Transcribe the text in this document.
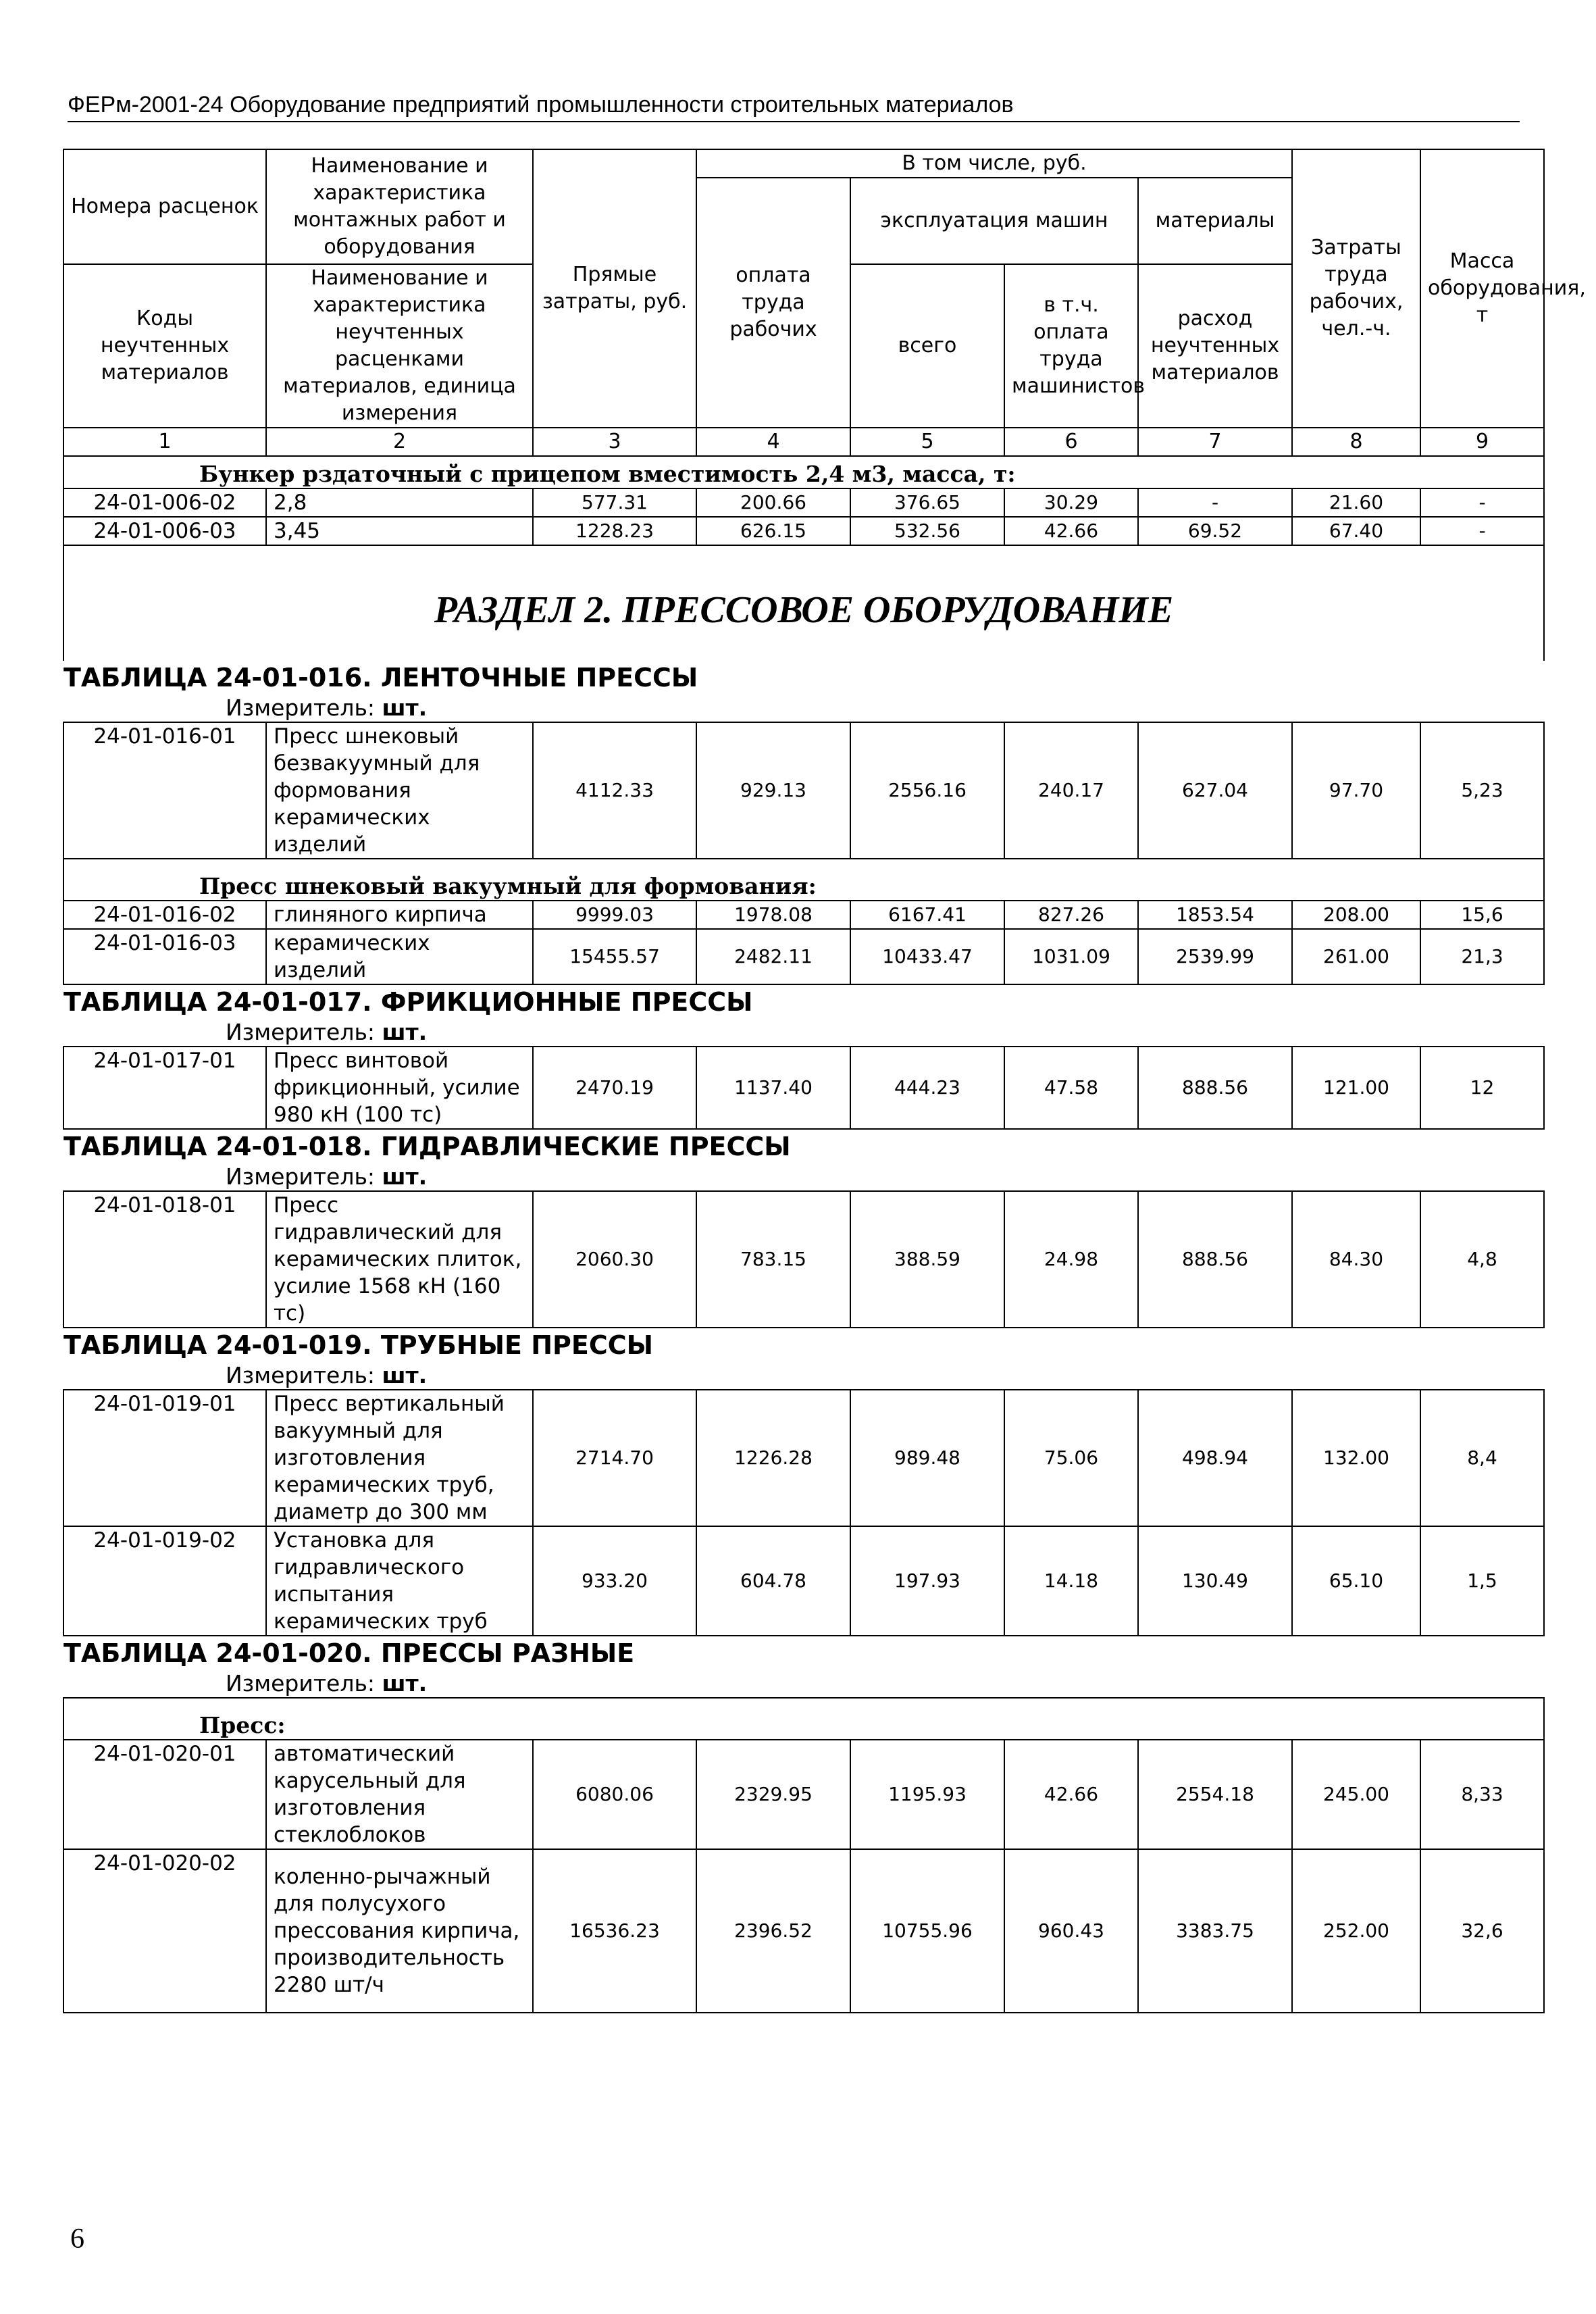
ФЕРм-2001-24 Оборудование предприятий промышленности строительных материалов
Номера расценок	Наименование и характеристика монтажных работ и оборудования	Прямые затраты, руб.	В том числе, руб.				Затраты труда рабочих, чел.-ч.	Масса оборудования, т
			оплата труда рабочих	эксплуатация машин		материалы		
Коды неучтенных материалов	Наименование и характеристика неучтенных расценками материалов, единица измерения			всего	в т.ч. оплата труда машинистов	расход неучтенных материалов		

1	2	3	4	5	6	7	8	9
Бункер рздаточный с прицепом вместимость 2,4 м3, масса, т:								
24-01-006-02	2,8	577.31	200.66	376.65	30.29	-	21.60	-
24-01-006-03	3,45	1228.23	626.15	532.56	42.66	69.52	67.40	-
РАЗДЕЛ 2. ПРЕССОВОЕ ОБОРУДОВАНИЕ								
ТАБЛИЦА 24-01-016. ЛЕНТОЧНЫЕ ПРЕССЫ								
Измеритель: шт.								
24-01-016-01	Пресс шнековый безвакуумный для формования керамических изделий	4112.33	929.13	2556.16	240.17	627.04	97.70	5,23
Пресс шнековый вакуумный для формования:								
24-01-016-02	глиняного кирпича	9999.03	1978.08	6167.41	827.26	1853.54	208.00	15,6
24-01-016-03	керамических изделий	15455.57	2482.11	10433.47	1031.09	2539.99	261.00	21,3
ТАБЛИЦА 24-01-017. ФРИКЦИОННЫЕ ПРЕССЫ								
Измеритель: шт.								
24-01-017-01	Пресс винтовой фрикционный, усилие 980 кН (100 тс)	2470.19	1137.40	444.23	47.58	888.56	121.00	12
ТАБЛИЦА 24-01-018. ГИДРАВЛИЧЕСКИЕ ПРЕССЫ								
Измеритель: шт.								
24-01-018-01	Пресс гидравлический для керамических плиток, усилие 1568 кН (160 тс)	2060.30	783.15	388.59	24.98	888.56	84.30	4,8
ТАБЛИЦА 24-01-019. ТРУБНЫЕ ПРЕССЫ								
Измеритель: шт.								
24-01-019-01	Пресс вертикальный вакуумный для изготовления керамических труб, диаметр до 300 мм	2714.70	1226.28	989.48	75.06	498.94	132.00	8,4
24-01-019-02	Установка для гидравлического испытания керамических труб	933.20	604.78	197.93	14.18	130.49	65.10	1,5
ТАБЛИЦА 24-01-020. ПРЕССЫ РАЗНЫЕ								
Измеритель: шт.								
Пресс:								
24-01-020-01	автоматический карусельный для изготовления стеклоблоков	6080.06	2329.95	1195.93	42.66	2554.18	245.00	8,33
24-01-020-02	коленно-рычажный для полусухого прессования кирпича, производительность 2280 шт/ч	16536.23	2396.52	10755.96	960.43	3383.75	252.00	32,6
6
